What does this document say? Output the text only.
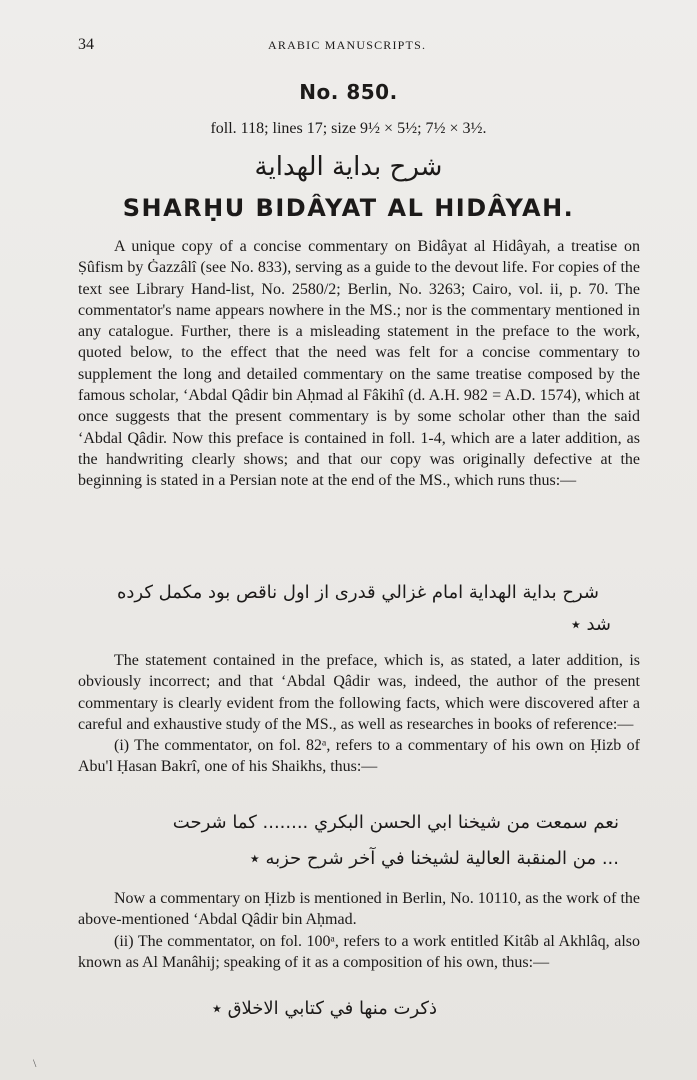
34	ARABIC MANUSCRIPTS.
No. 850.
foll. 118; lines 17; size 9½ × 5½; 7½ × 3½.
شرح بداية الهداية
SHARḤU BIDÂYAT AL HIDÂYAH.

A unique copy of a concise commentary on Bidâyat al Hidâyah, a treatise on Ṣûfism by Ġazzâlî (see No. 833), serving as a guide to the devout life. For copies of the text see Library Hand-list, No. 2580/2; Berlin, No. 3263; Cairo, vol. ii, p. 70. The commentator's name appears nowhere in the MS.; nor is the commentary mentioned in any catalogue. Further, there is a misleading statement in the preface to the work, quoted below, to the effect that the need was felt for a concise commentary to supplement the long and detailed commentary on the same treatise composed by the famous scholar, ‘Abdal Qâdir bin Aḥmad al Fâkihî (d. A.H. 982 = A.D. 1574), which at once suggests that the present commentary is by some scholar other than the said ‘Abdal Qâdir. Now this preface is contained in foll. 1-4, which are a later addition, as the handwriting clearly shows; and that our copy was originally defective at the beginning is stated in a Persian note at the end of the MS., which runs thus:—

شرح بداية الهداية امام غزالي قدرى از اول ناقص بود مكمل كرده
شد ٭

The statement contained in the preface, which is, as stated, a later addition, is obviously incorrect; and that ‘Abdal Qâdir was, indeed, the author of the present commentary is clearly evident from the following facts, which were discovered after a careful and exhaustive study of the MS., as well as researches in books of reference:—

(i) The commentator, on fol. 82ᵃ, refers to a commentary of his own on Ḥizb of Abu'l Ḥasan Bakrî, one of his Shaikhs, thus:—

نعم سمعت من شيخنا ابي الحسن البكري ........ كما شرحت
... من المنقبة العالية لشيخنا في آخر شرح حزبه ٭

Now a commentary on Ḥizb is mentioned in Berlin, No. 10110, as the work of the above-mentioned ‘Abdal Qâdir bin Aḥmad.

(ii) The commentator, on fol. 100ᵃ, refers to a work entitled Kitâb al Akhlâq, also known as Al Manâhij; speaking of it as a composition of his own, thus:—

ذكرت منها في كتابي الاخلاق ٭
\
